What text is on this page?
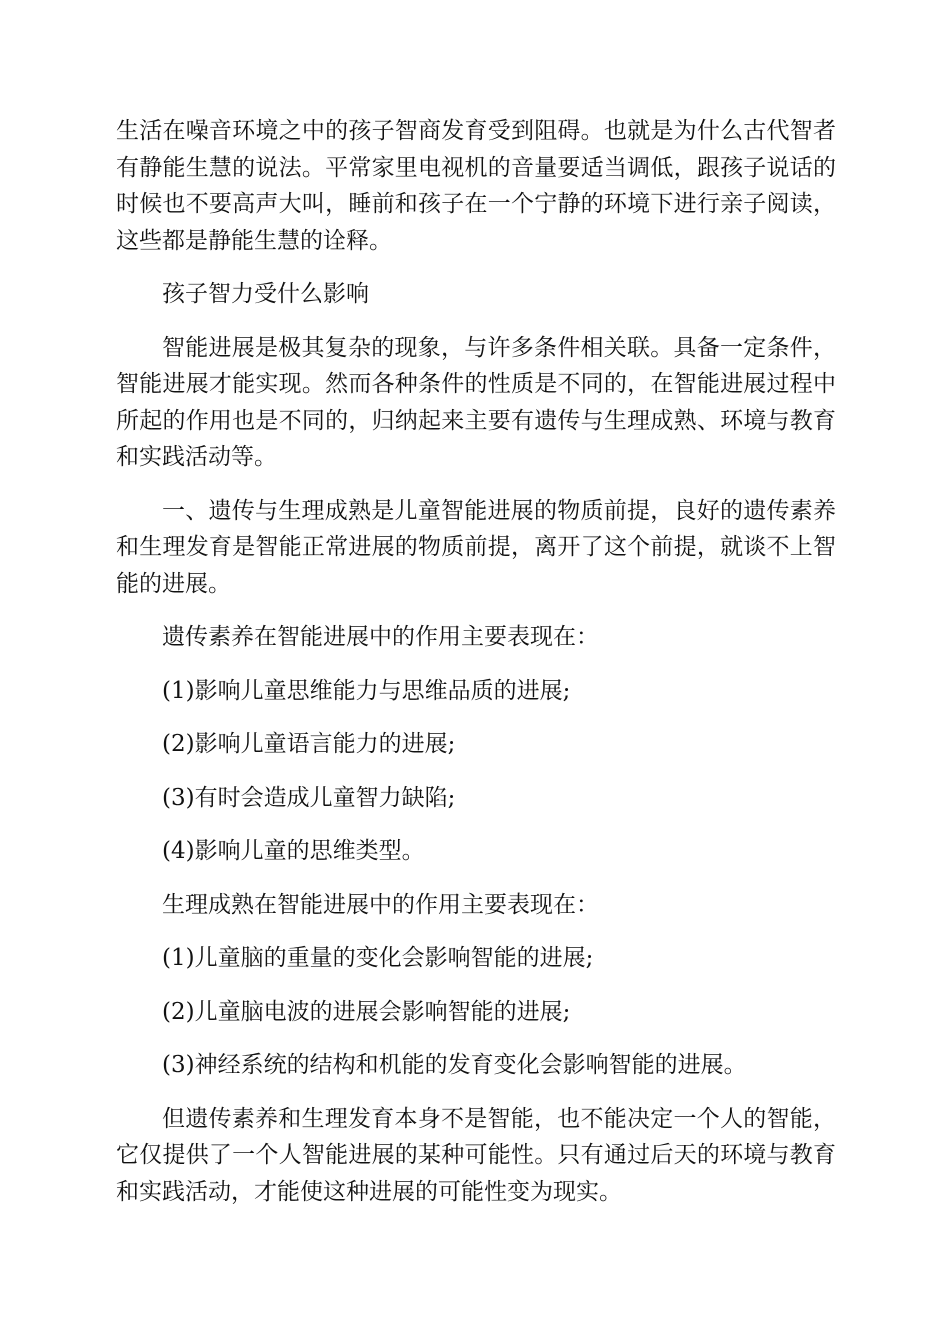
生活在噪音环境之中的孩子智商发育受到阻碍。也就是为什么古代智者有静能生慧的说法。平常家里电视机的音量要适当调低，跟孩子说话的时候也不要高声大叫，睡前和孩子在一个宁静的环境下进行亲子阅读，这些都是静能生慧的诠释。

孩子智力受什么影响

智能进展是极其复杂的现象，与许多条件相关联。具备一定条件，智能进展才能实现。然而各种条件的性质是不同的，在智能进展过程中所起的作用也是不同的，归纳起来主要有遗传与生理成熟、环境与教育和实践活动等。

一、遗传与生理成熟是儿童智能进展的物质前提，良好的遗传素养和生理发育是智能正常进展的物质前提，离开了这个前提，就谈不上智能的进展。

遗传素养在智能进展中的作用主要表现在：

(1)影响儿童思维能力与思维品质的进展;

(2)影响儿童语言能力的进展;

(3)有时会造成儿童智力缺陷;

(4)影响儿童的思维类型。

生理成熟在智能进展中的作用主要表现在：

(1)儿童脑的重量的变化会影响智能的进展;

(2)儿童脑电波的进展会影响智能的进展;

(3)神经系统的结构和机能的发育变化会影响智能的进展。

但遗传素养和生理发育本身不是智能，也不能决定一个人的智能，它仅提供了一个人智能进展的某种可能性。只有通过后天的环境与教育和实践活动，才能使这种进展的可能性变为现实。
